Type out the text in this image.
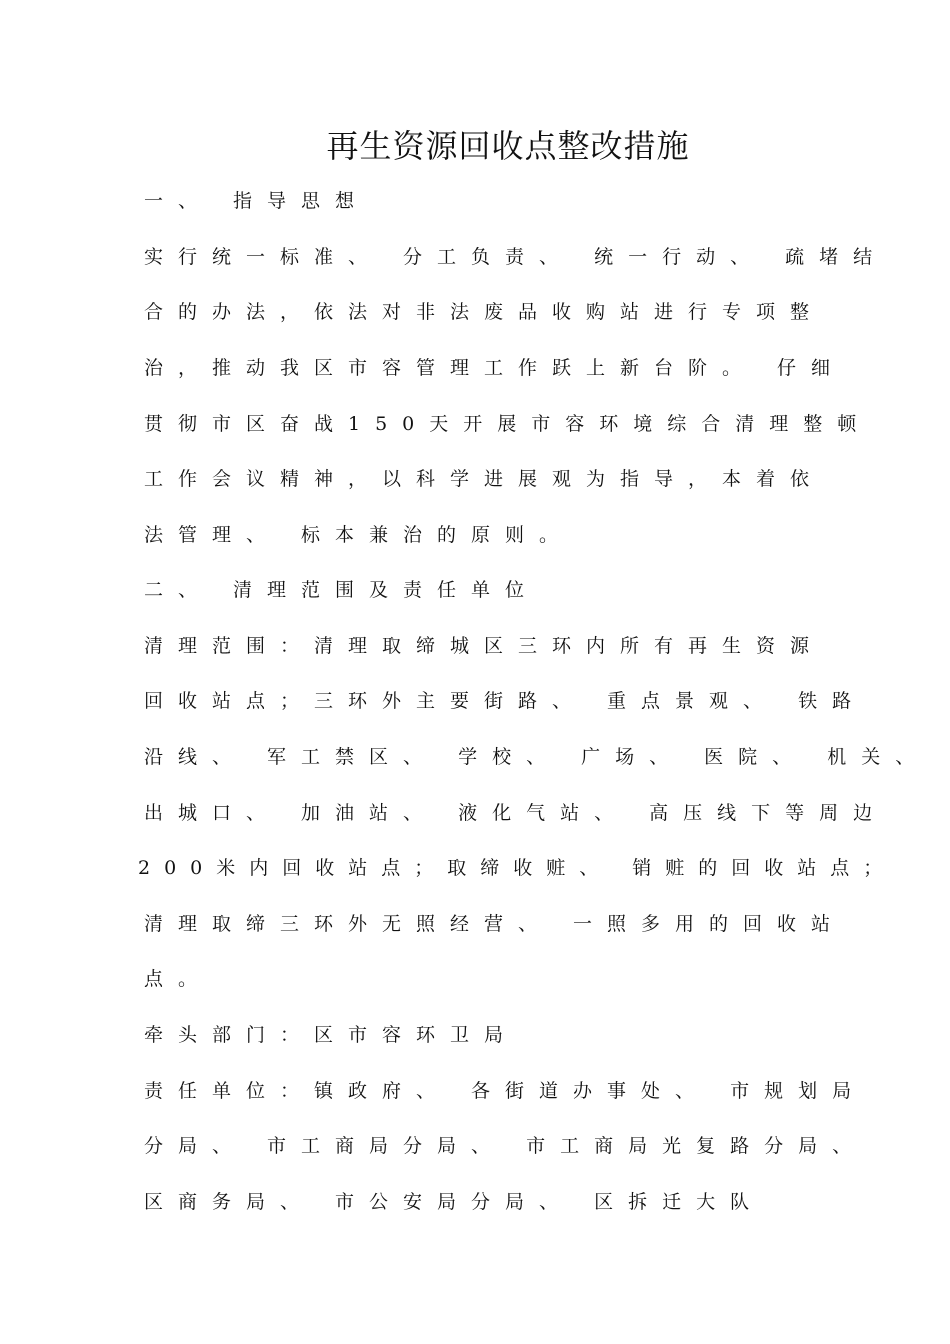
再生资源回收点整改措施
一、 指导思想
实行统一标准、 分工负责、 统一行动、 疏堵结
合的办法，依法对非法废品收购站进行专项整
治，推动我区市容管理工作跃上新台阶。 仔细
贯彻市区奋战150天开展市容环境综合清理整顿
工作会议精神，以科学进展观为指导，本着依
法管理、 标本兼治的原则。
二、 清理范围及责任单位
清理范围：清理取缔城区三环内所有再生资源
回收站点；三环外主要街路、 重点景观、 铁路
沿线、 军工禁区、 学校、 广场、 医院、 机关、
出城口、 加油站、 液化气站、 高压线下等周边
200米内回收站点；取缔收赃、 销赃的回收站点；
清理取缔三环外无照经营、 一照多用的回收站
点。
牵头部门：区市容环卫局
责任单位：镇政府、 各街道办事处、 市规划局
分局、 市工商局分局、 市工商局光复路分局、
区商务局、 市公安局分局、 区拆迁大队
